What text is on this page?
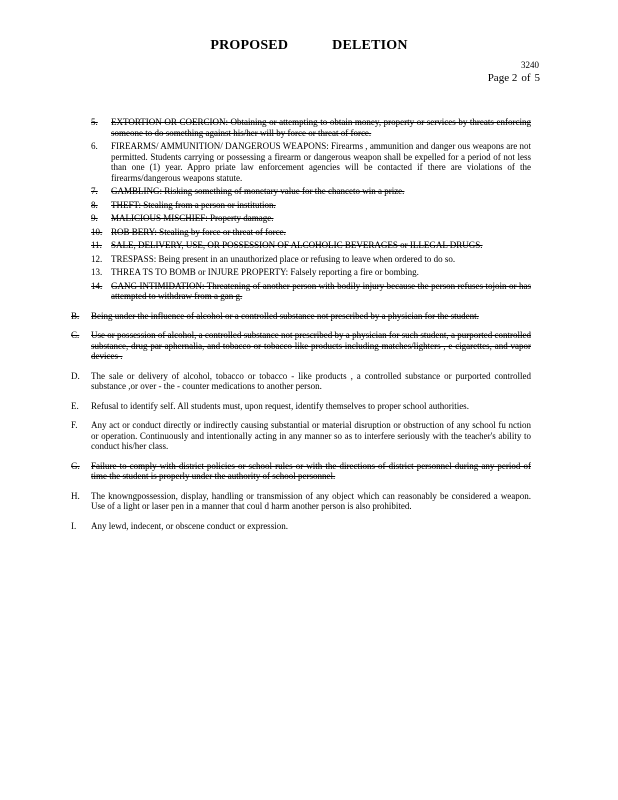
PROPOSED	DELETION
3240
Page 2 of 5
5. EXTORTION OR COERCION: Obtaining or attempting to obtain money, property or services by threats enforcing someone to do something against his/her will by force or threat of force.
6. FIREARMS/ AMMUNITION/ DANGEROUS WEAPONS: Firearms , ammunition and danger ous weapons are not permitted. Students carrying or possessing a firearm or dangerous weapon shall be expelled for a period of not less than one (1) year. Appro priate law enforcement agencies will be contacted if there are violations of the firearms/dangerous weapons statute.
7. GAMBLING: Risking something of monetary value for the chanceto win a prize.
8. THEFT: Stealing from a person or institution.
9. MALICIOUS MISCHIEF: Property damage.
10. ROB BERY: Stealing by force or threat of force.
11. SALE, DELIVERY, USE, OR POSSESSION OF ALCOHOLIC BEVERAGES or ILLEGAL DRUGS.
12. TRESPASS: Being present in an unauthorized place or refusing to leave when ordered to do so.
13. THREA TS TO BOMB or INJURE PROPERTY: Falsely reporting a fire or bombing.
14. GANG INTIMIDATION: Threatening of another person with bodily injury because the person refuses tojoin or has attempted to withdraw from a gan g.
B. Being under the influence of alcohol or a controlled substance not prescribed by a physician for the student.
C. Use or possession of alcohol, a controlled substance not prescribed by a physician for such student, a purported controlled substance, drug par aphernalia, and tobacco or tobacco like products including matches/lighters , e cigarettes, and vapor devices .
D. The sale or delivery of alcohol, tobacco or tobacco - like products , a controlled substance or purported controlled substance ,or over - the - counter medications to another person.
E. Refusal to identify self. All students must, upon request, identify themselves to proper school authorities.
F. Any act or conduct directly or indirectly causing substantial or material disruption or obstruction of any school fu nction or operation. Continuously and intentionally acting in any manner so as to interfere seriously with the teacher's ability to conduct his/her class.
G. Failure to comply with district policies or school rules or with the directions of district personnel during any period of time the student is properly under the authority of school personnel.
H. The knowngpossession, display, handling or transmission of any object which can reasonably be considered a weapon. Use of a light or laser pen in a manner that coul d harm another person is also prohibited.
I. Any lewd, indecent, or obscene conduct or expression.
